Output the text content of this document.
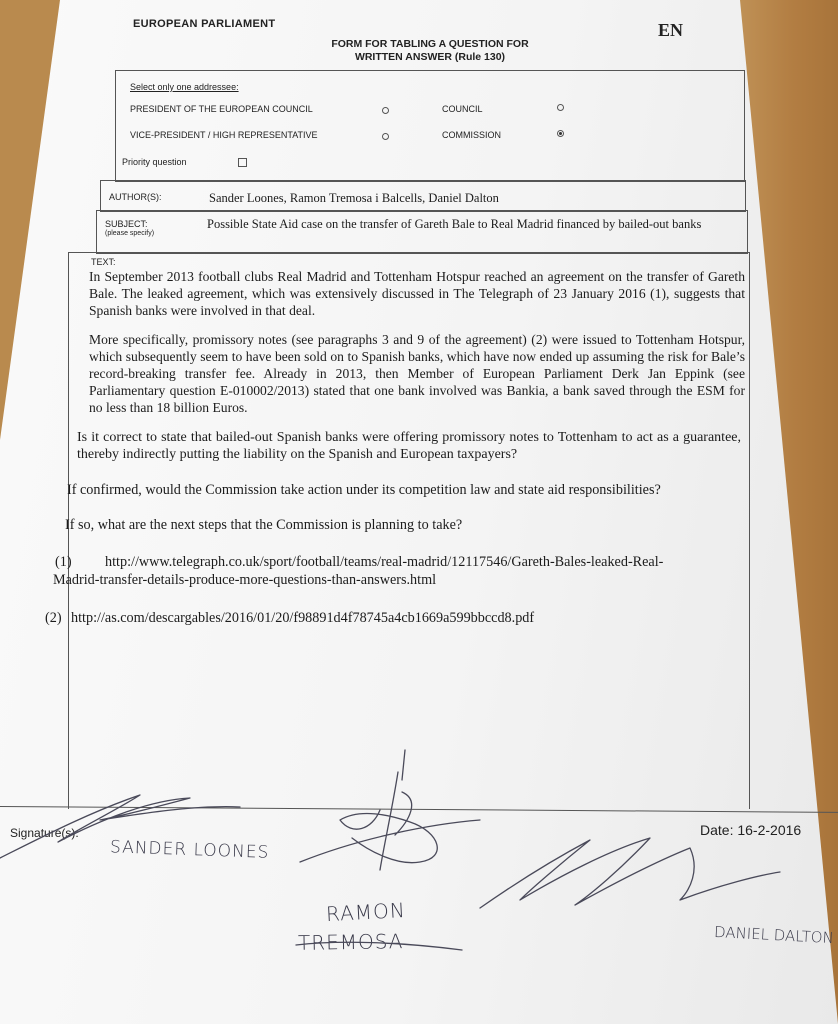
EUROPEAN PARLIAMENT	EN
FORM FOR TABLING A QUESTION FOR
WRITTEN ANSWER (Rule 130)
Select only one addressee:
PRESIDENT OF THE EUROPEAN COUNCIL	COUNCIL
VICE-PRESIDENT / HIGH REPRESENTATIVE	COMMISSION
Priority question
AUTHOR(S):	Sander Loones, Ramon Tremosa i Balcells, Daniel Dalton
SUBJECT:
(please specify)
Possible State Aid case on the transfer of Gareth Bale to Real Madrid financed by bailed-out banks
TEXT:
In September 2013 football clubs Real Madrid and Tottenham Hotspur reached an agreement on the transfer of Gareth Bale. The leaked agreement, which was extensively discussed in The Telegraph of 23 January 2016 (1), suggests that Spanish banks were involved in that deal.
More specifically, promissory notes (see paragraphs 3 and 9 of the agreement) (2) were issued to Tottenham Hotspur, which subsequently seem to have been sold on to Spanish banks, which have now ended up assuming the risk for Bale’s record-breaking transfer fee. Already in 2013, then Member of European Parliament Derk Jan Eppink (see Parliamentary question E-010002/2013) stated that one bank involved was Bankia, a bank saved through the ESM for no less than 18 billion Euros.
Is it correct to state that bailed-out Spanish banks were offering promissory notes to Tottenham to act as a guarantee, thereby indirectly putting the liability on the Spanish and European taxpayers?
If confirmed, would the Commission take action under its competition law and state aid responsibilities?
If so, what are the next steps that the Commission is planning to take?
(1) http://www.telegraph.co.uk/sport/football/teams/real-madrid/12117546/Gareth-Bales-leaked-Real-
Madrid-transfer-details-produce-more-questions-than-answers.html
(2) http://as.com/descargables/2016/01/20/f98891d4f78745a4cb1669a599bbccd8.pdf
Signature(s):	Date: 16-2-2016
SANDER LOONES
RAMON
TREMOSA	DANIEL DALTON
